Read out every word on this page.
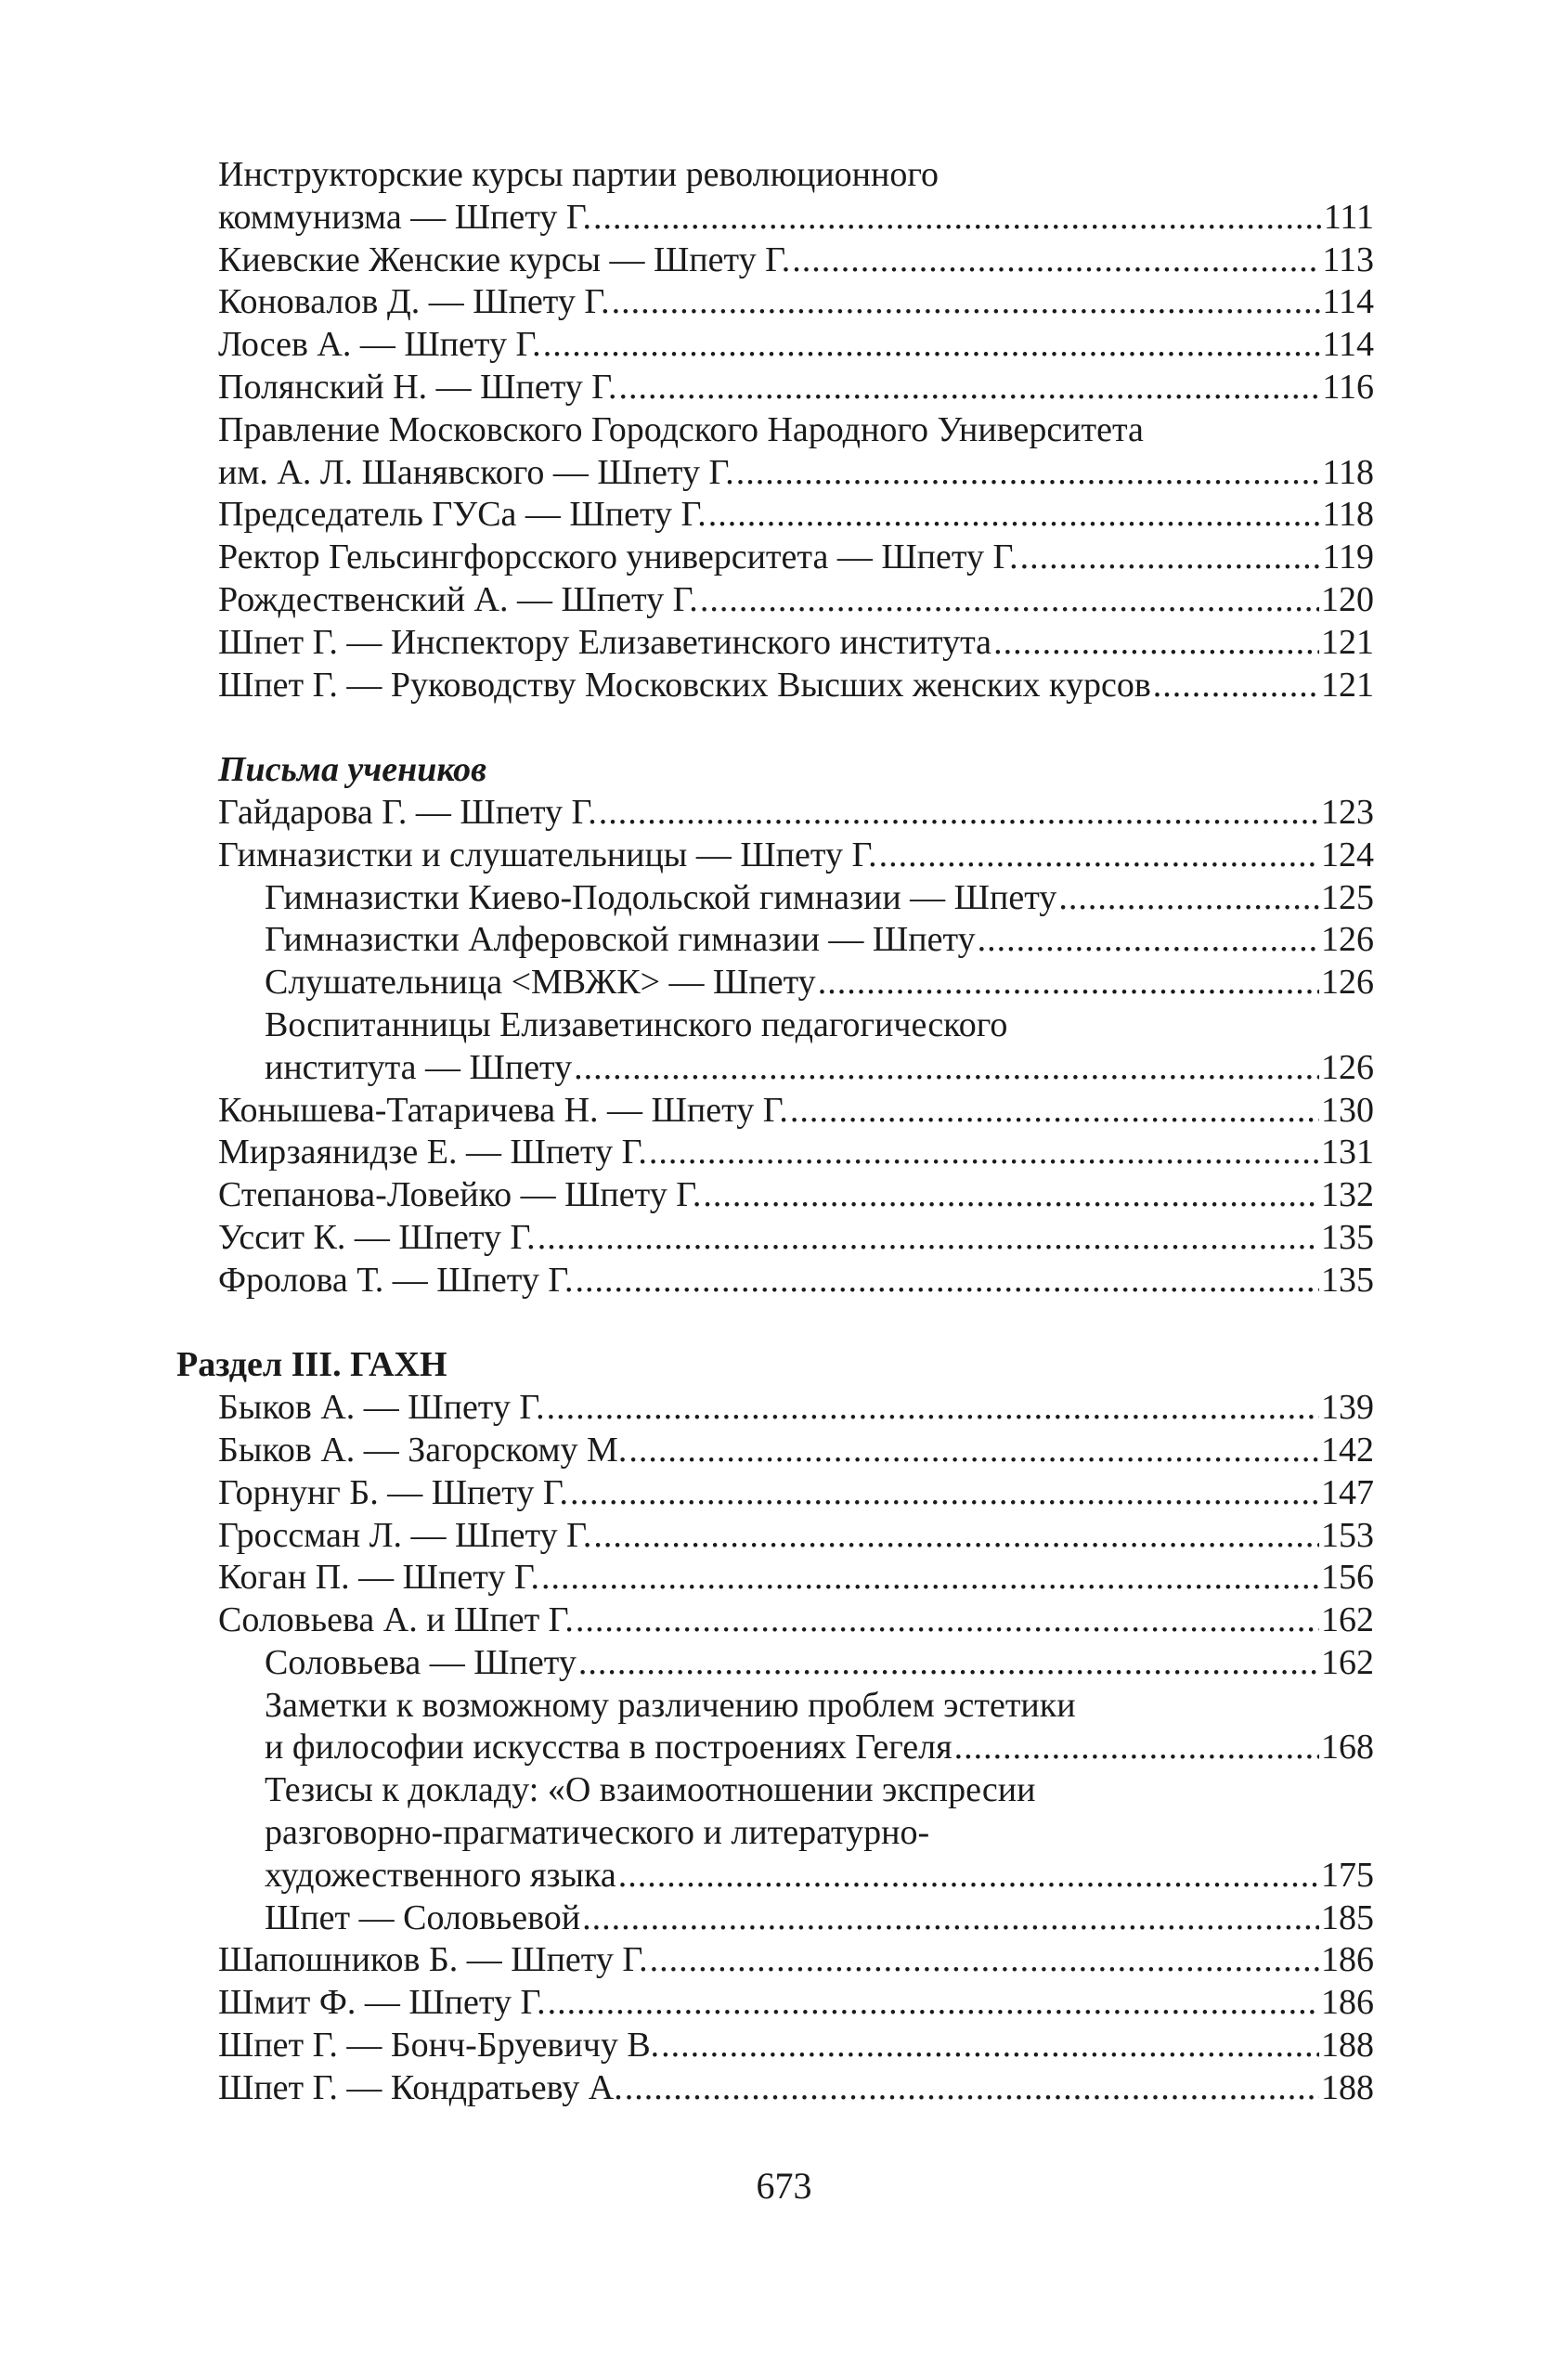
Инструкторские курсы партии революционного
коммунизма — Шпету Г. .....	111
Киевские Женские курсы — Шпету Г. .....	113
Коновалов Д. — Шпету Г. .....	114
Лосев А. — Шпету Г. .....	114
Полянский Н. — Шпету Г. .....	116
Правление Московского Городского Народного Университета
им. А. Л. Шанявского — Шпету Г. .....	118
Председатель ГУСа — Шпету Г. .....	118
Ректор Гельсингфорсского университета — Шпету Г. .....	119
Рождественский А. — Шпету Г. .....	120
Шпет Г. — Инспектору Елизаветинского института .....	121
Шпет Г. — Руководству Московских Высших женских курсов .....	121
Письма учеников
Гайдарова Г. — Шпету Г. .....	123
Гимназистки и слушательницы — Шпету Г. .....	124
Гимназистки Киево-Подольской гимназии — Шпету .....	125
Гимназистки Алферовской гимназии — Шпету .....	126
Слушательница <МВЖК> — Шпету .....	126
Воспитанницы Елизаветинского педагогического
института — Шпету .....	126
Конышева-Татаричева Н. — Шпету Г. .....	130
Мирзаянидзе Е. — Шпету Г. .....	131
Степанова-Ловейко — Шпету Г. .....	132
Уссит К. — Шпету Г. .....	135
Фролова Т. — Шпету Г. .....	135
Раздел III. ГАХН
Быков А. — Шпету Г. .....	139
Быков А. — Загорскому М. .....	142
Горнунг Б. — Шпету Г. .....	147
Гроссман Л. — Шпету Г. .....	153
Коган П. — Шпету Г. .....	156
Соловьева А. и Шпет Г. .....	162
Соловьева — Шпету .....	162
Заметки к возможному различению проблем эстетики
и философии искусства в построениях Гегеля .....	168
Тезисы к докладу: «О взаимоотношении экспресии
разговорно-прагматического и литературно-
художественного языка .....	175
Шпет — Соловьевой .....	185
Шапошников Б. — Шпету Г. .....	186
Шмит Ф. — Шпету Г. .....	186
Шпет Г. — Бонч-Бруевичу В. .....	188
Шпет Г. — Кондратьеву А. .....	188
673
